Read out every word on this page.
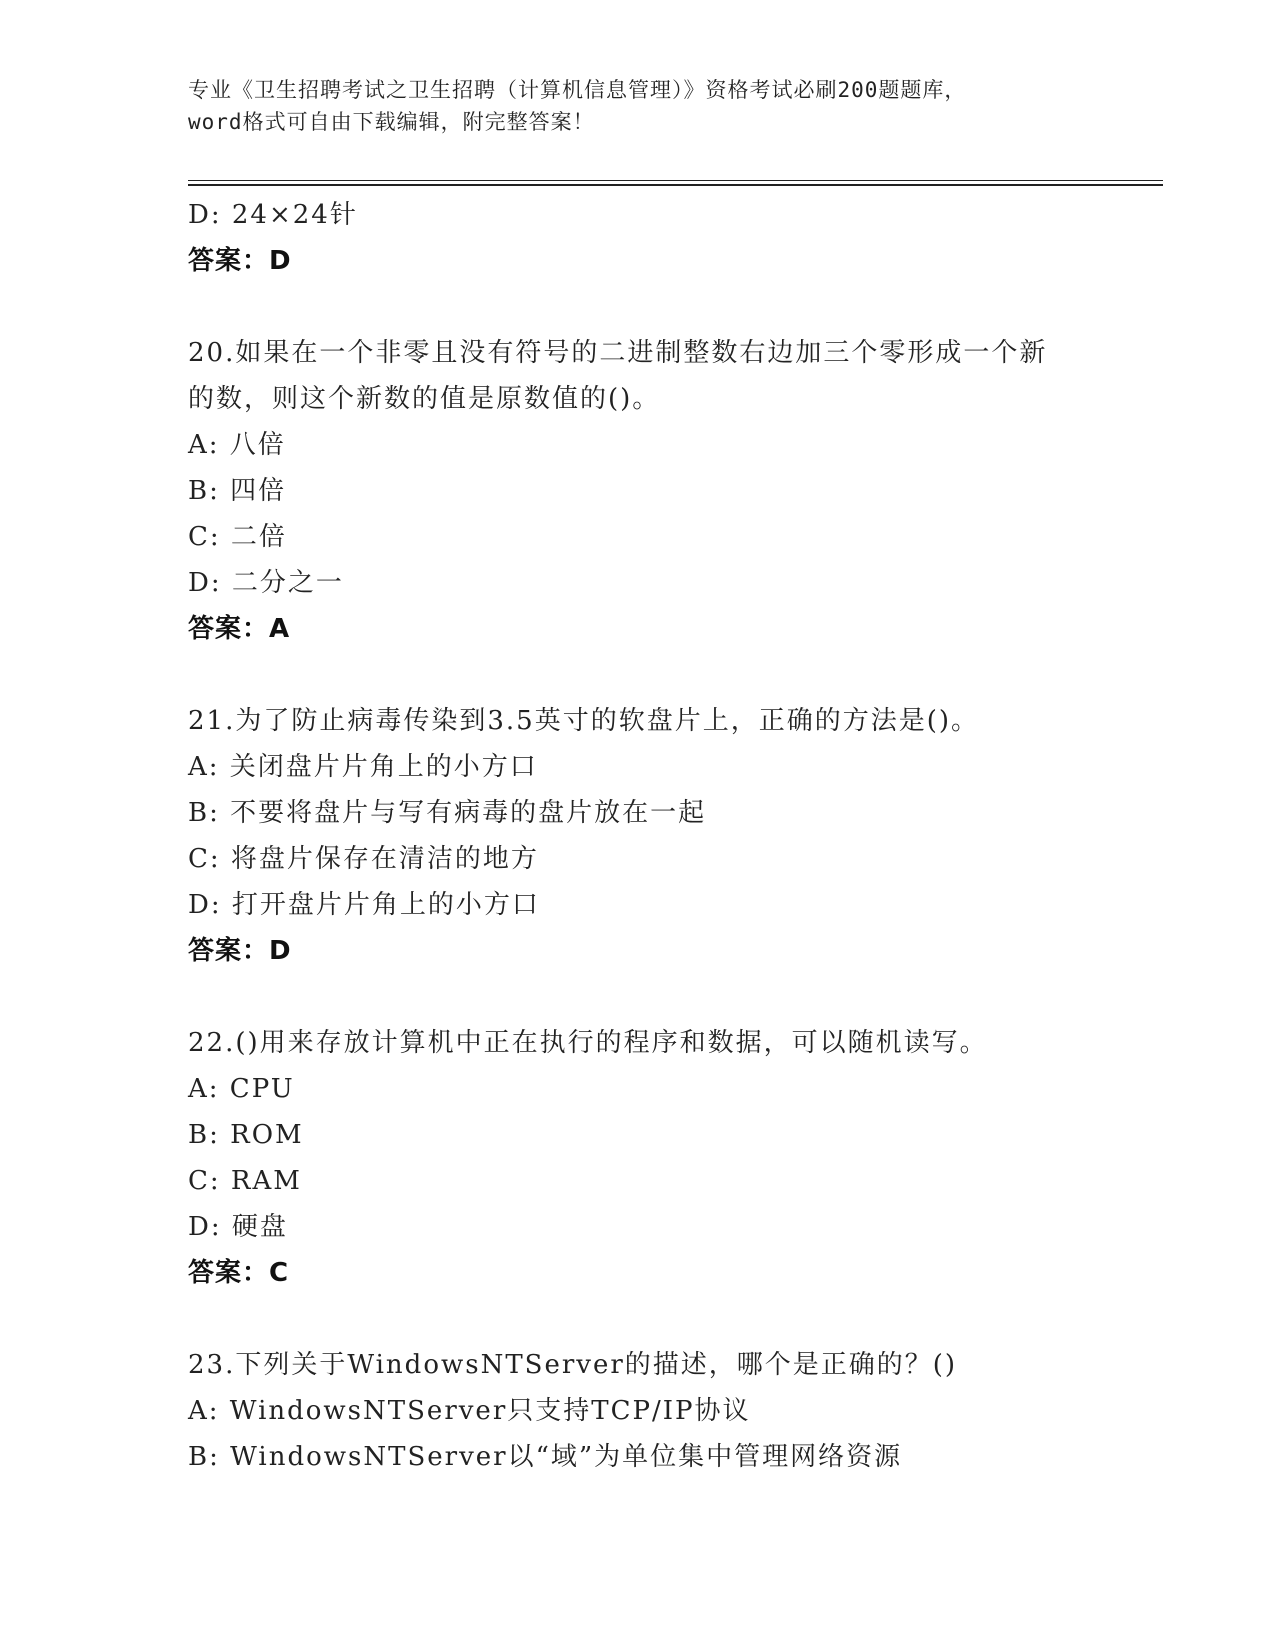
专业《卫生招聘考试之卫生招聘（计算机信息管理）》资格考试必刷200题题库，
word格式可自由下载编辑，附完整答案！
D: 24×24针
答案：D
20.如果在一个非零且没有符号的二进制整数右边加三个零形成一个新
的数，则这个新数的值是原数值的()。
A: 八倍
B: 四倍
C: 二倍
D: 二分之一
答案：A
21.为了防止病毒传染到3.5英寸的软盘片上，正确的方法是()。
A: 关闭盘片片角上的小方口
B: 不要将盘片与写有病毒的盘片放在一起
C: 将盘片保存在清洁的地方
D: 打开盘片片角上的小方口
答案：D
22.()用来存放计算机中正在执行的程序和数据，可以随机读写。
A: CPU
B: ROM
C: RAM
D: 硬盘
答案：C
23.下列关于WindowsNTServer的描述，哪个是正确的？()
A: WindowsNTServer只支持TCP/IP协议
B: WindowsNTServer以“域”为单位集中管理网络资源
